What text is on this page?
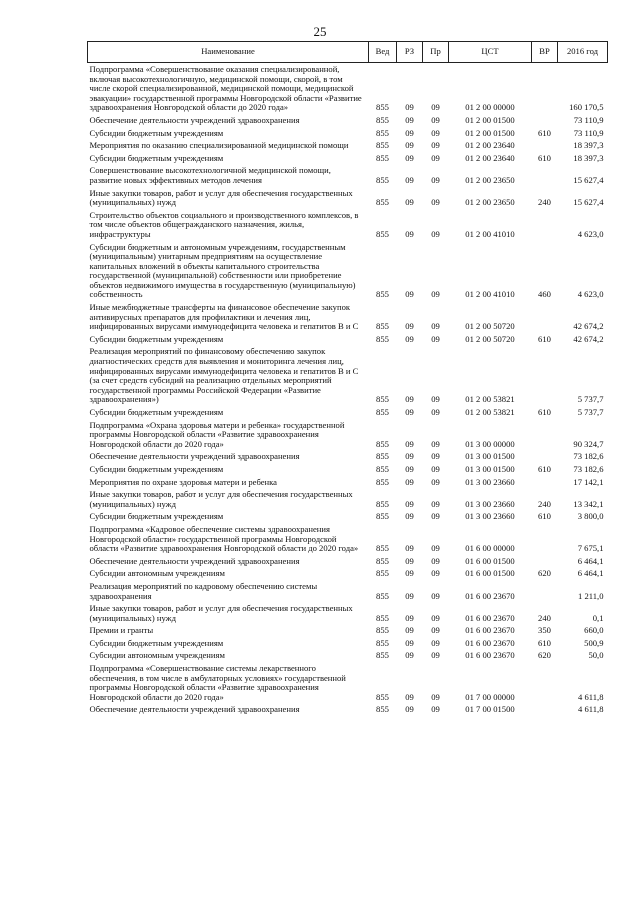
25
Наименование	Вед	РЗ	Пр	ЦСТ	ВР	2016 год
Подпрограмма «Совершенствование оказания специализированной, включая высокотехнологичную, медицинской помощи, скорой, в том числе скорой специализированной, медицинской помощи, медицинской эвакуации» государственной программы Новгородской области «Развитие здравоохранения Новгородской области до 2020 года»	855	09	09	01 2 00 00000		160 170,5
Обеспечение деятельности учреждений здравоохранения	855	09	09	01 2 00 01500		73 110,9
Субсидии бюджетным учреждениям	855	09	09	01 2 00 01500	610	73 110,9
Мероприятия по оказанию специализированной медицинской помощи	855	09	09	01 2 00 23640		18 397,3
Субсидии бюджетным учреждениям	855	09	09	01 2 00 23640	610	18 397,3
Совершенствование высокотехнологичной медицинской помощи, развитие новых эффективных методов лечения	855	09	09	01 2 00 23650		15 627,4
Иные закупки товаров, работ и услуг для обеспечения государственных (муниципальных) нужд	855	09	09	01 2 00 23650	240	15 627,4
Строительство объектов социального и производственного комплексов, в том числе объектов общегражданского назначения, жилья, инфраструктуры	855	09	09	01 2 00 41010		4 623,0
Субсидии бюджетным и автономным учреждениям, государственным (муниципальным) унитарным предприятиям на осуществление капитальных вложений в объекты капитального строительства государственной (муниципальной) собственности или приобретение объектов недвижимого имущества в государственную (муниципальную) собственность	855	09	09	01 2 00 41010	460	4 623,0
Иные межбюджетные трансферты на финансовое обеспечение закупок антивирусных препаратов для профилактики и лечения лиц, инфицированных вирусами иммунодефицита человека и гепатитов В и С	855	09	09	01 2 00 50720		42 674,2
Субсидии бюджетным учреждениям	855	09	09	01 2 00 50720	610	42 674,2
Реализация мероприятий по финансовому обеспечению закупок диагностических средств для выявления и мониторинга лечения лиц, инфицированных вирусами иммунодефицита человека и гепатитов В и С (за счет средств субсидий на реализацию отдельных мероприятий государственной программы Российской Федерации «Развитие здравоохранения»)	855	09	09	01 2 00 53821		5 737,7
Субсидии бюджетным учреждениям	855	09	09	01 2 00 53821	610	5 737,7
Подпрограмма «Охрана здоровья матери и ребенка» государственной программы Новгородской области «Развитие здравоохранения Новгородской области до 2020 года»	855	09	09	01 3 00 00000		90 324,7
Обеспечение деятельности учреждений здравоохранения	855	09	09	01 3 00 01500		73 182,6
Субсидии бюджетным учреждениям	855	09	09	01 3 00 01500	610	73 182,6
Мероприятия по охране здоровья матери и ребенка	855	09	09	01 3 00 23660		17 142,1
Иные закупки товаров, работ и услуг для обеспечения государственных (муниципальных) нужд	855	09	09	01 3 00 23660	240	13 342,1
Субсидии бюджетным учреждениям	855	09	09	01 3 00 23660	610	3 800,0
Подпрограмма «Кадровое обеспечение системы здравоохранения Новгородской области» государственной программы Новгородской области «Развитие здравоохранения Новгородской области до 2020 года»	855	09	09	01 6 00 00000		7 675,1
Обеспечение деятельности учреждений здравоохранения	855	09	09	01 6 00 01500		6 464,1
Субсидии автономным учреждениям	855	09	09	01 6 00 01500	620	6 464,1
Реализация мероприятий по кадровому обеспечению системы здравоохранения	855	09	09	01 6 00 23670		1 211,0
Иные закупки товаров, работ и услуг для обеспечения государственных (муниципальных) нужд	855	09	09	01 6 00 23670	240	0,1
Премии и гранты	855	09	09	01 6 00 23670	350	660,0
Субсидии бюджетным учреждениям	855	09	09	01 6 00 23670	610	500,9
Субсидии автономным учреждениям	855	09	09	01 6 00 23670	620	50,0
Подпрограмма «Совершенствование системы лекарственного обеспечения, в том числе в амбулаторных условиях» государственной программы Новгородской области «Развитие здравоохранения Новгородской области до 2020 года»	855	09	09	01 7 00 00000		4 611,8
Обеспечение деятельности учреждений здравоохранения	855	09	09	01 7 00 01500		4 611,8
